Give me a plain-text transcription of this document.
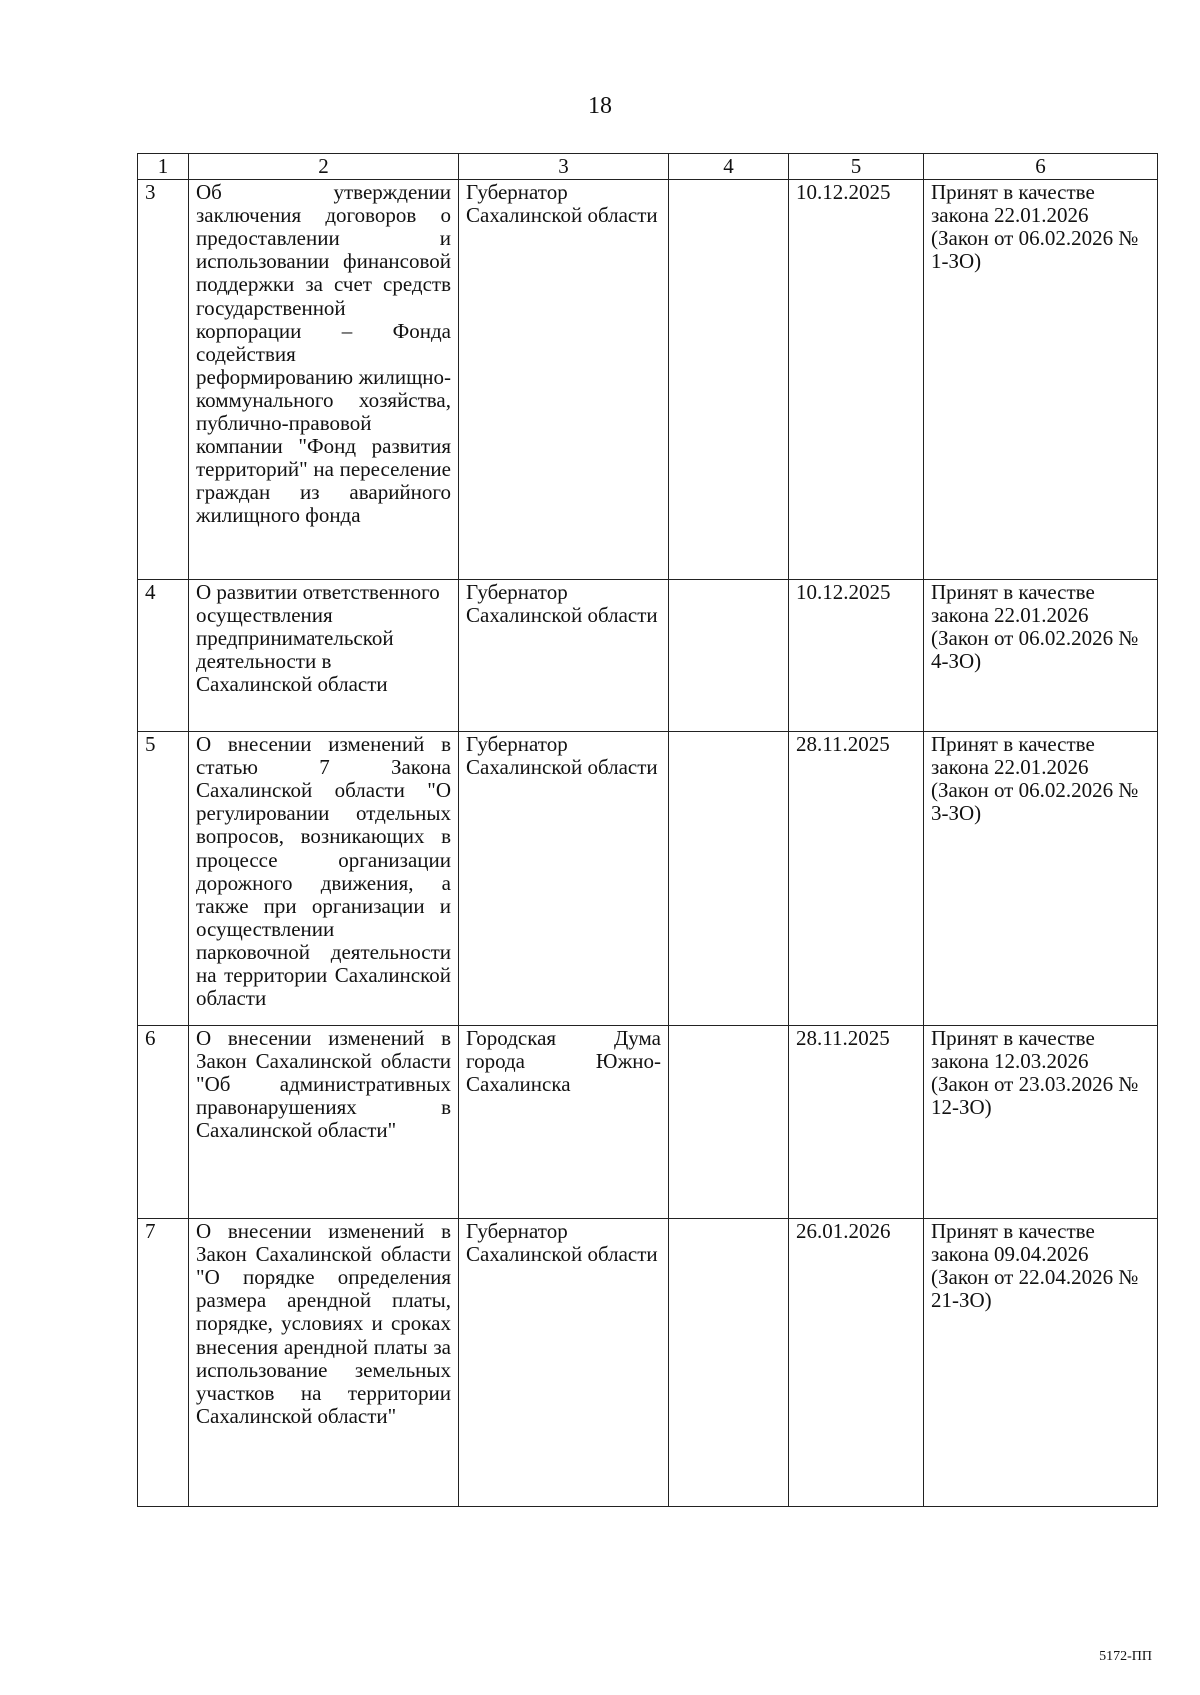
18
1	2	3	4	5	6
3	Об утверждении заключения договоров о предоставлении и использовании финансовой поддержки за счет средств государственной корпорации – Фонда содействия реформированию жилищно-коммунального хозяйства, публично-правовой компании "Фонд развития территорий" на переселение граждан из аварийного жилищного фонда	Губернатор Сахалинской области		10.12.2025	Принят в качестве закона 22.01.2026 (Закон от 06.02.2026 № 1-ЗО)
4	О развитии ответственного осуществления предпринимательской деятельности в Сахалинской области	Губернатор Сахалинской области		10.12.2025	Принят в качестве закона 22.01.2026 (Закон от 06.02.2026 № 4-ЗО)
5	О внесении изменений в статью 7 Закона Сахалинской области "О регулировании отдельных вопросов, возникающих в процессе организации дорожного движения, а также при организации и осуществлении парковочной деятельности на территории Сахалинской области	Губернатор Сахалинской области		28.11.2025	Принят в качестве закона 22.01.2026 (Закон от 06.02.2026 № 3-ЗО)
6	О внесении изменений в Закон Сахалинской области "Об административных правонарушениях в Сахалинской области"	Городская Дума города Южно-Сахалинска		28.11.2025	Принят в качестве закона 12.03.2026 (Закон от 23.03.2026 № 12-ЗО)
7	О внесении изменений в Закон Сахалинской области "О порядке определения размера арендной платы, порядке, условиях и сроках внесения арендной платы за использование земельных участков на территории Сахалинской области"	Губернатор Сахалинской области		26.01.2026	Принят в качестве закона 09.04.2026 (Закон от 22.04.2026 № 21-ЗО)
5172-ПП
